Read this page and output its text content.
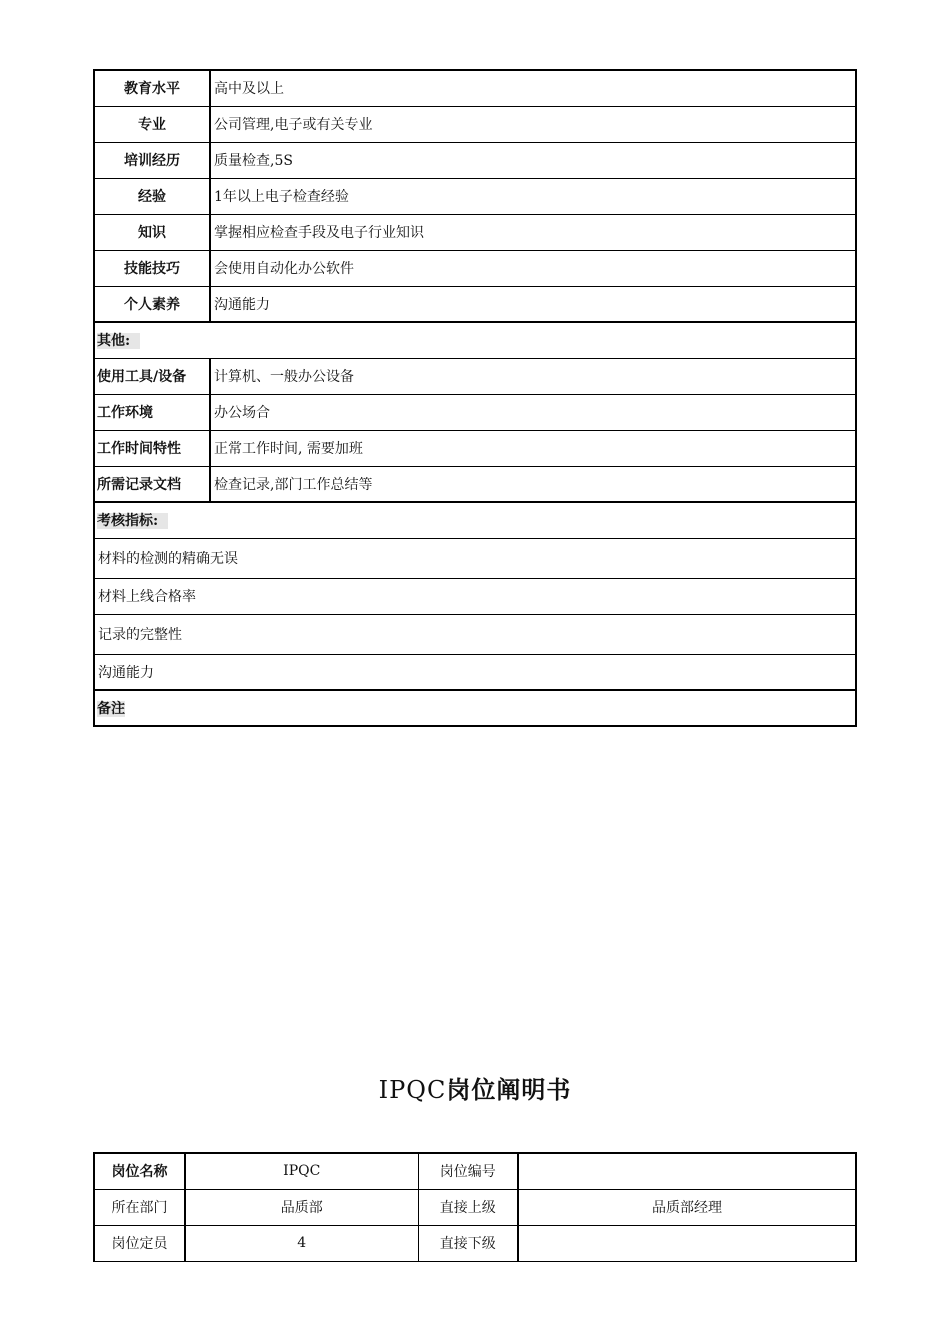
教育水平	高中及以上
专业	公司管理,电子或有关专业
培训经历	质量检查,5S
经验	1年以上电子检查经验
知识	掌握相应检查手段及电子行业知识
技能技巧	会使用自动化办公软件
个人素养	沟通能力
其他:	
使用工具/设备	计算机、一般办公设备
工作环境	办公场合
工作时间特性	正常工作时间, 需要加班
所需记录文档	检查记录,部门工作总结等
考核指标:	
材料的检测的精确无误	
材料上线合格率	
记录的完整性	
沟通能力	
备注	
IPQC岗位阐明书
岗位名称	IPQC	岗位编号	
所在部门	品质部	直接上级	品质部经理
岗位定员	4	直接下级	
